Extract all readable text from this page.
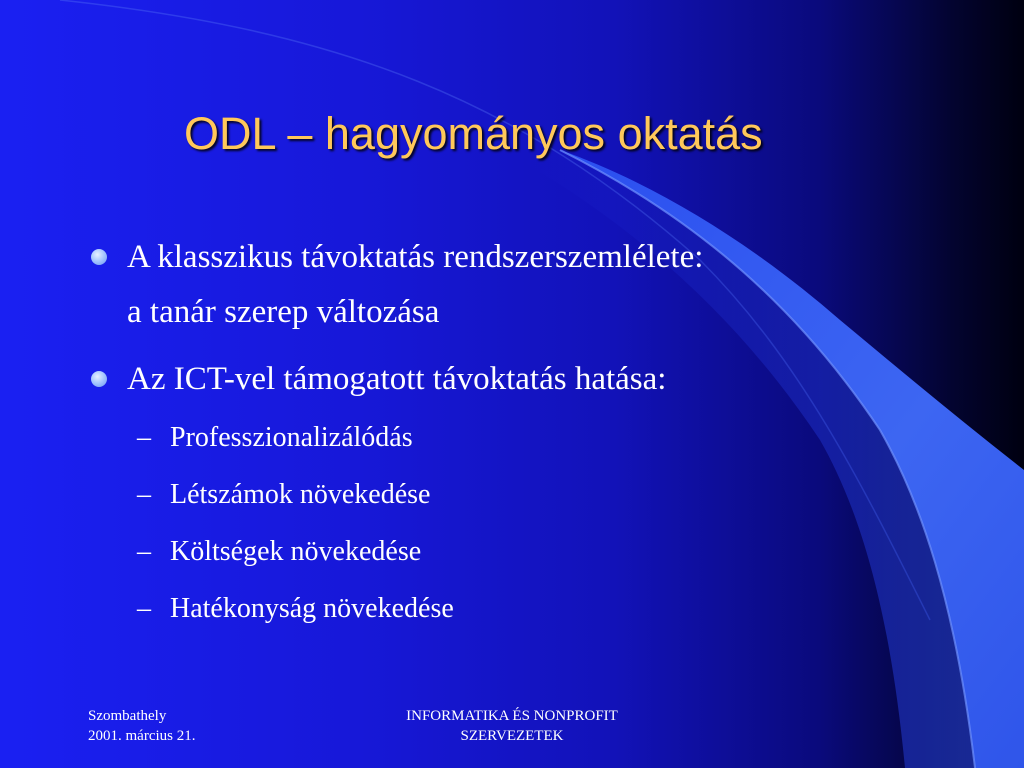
ODL – hagyományos oktatás
A klasszikus távoktatás rendszerszemlélete:
a tanár szerep változása
Az ICT-vel támogatott távoktatás hatása:
– Professzionalizálódás
– Létszámok növekedése
– Költségek növekedése
– Hatékonyság növekedése
Szombathely
2001. március 21.
INFORMATIKA ÉS NONPROFIT
SZERVEZETEK
